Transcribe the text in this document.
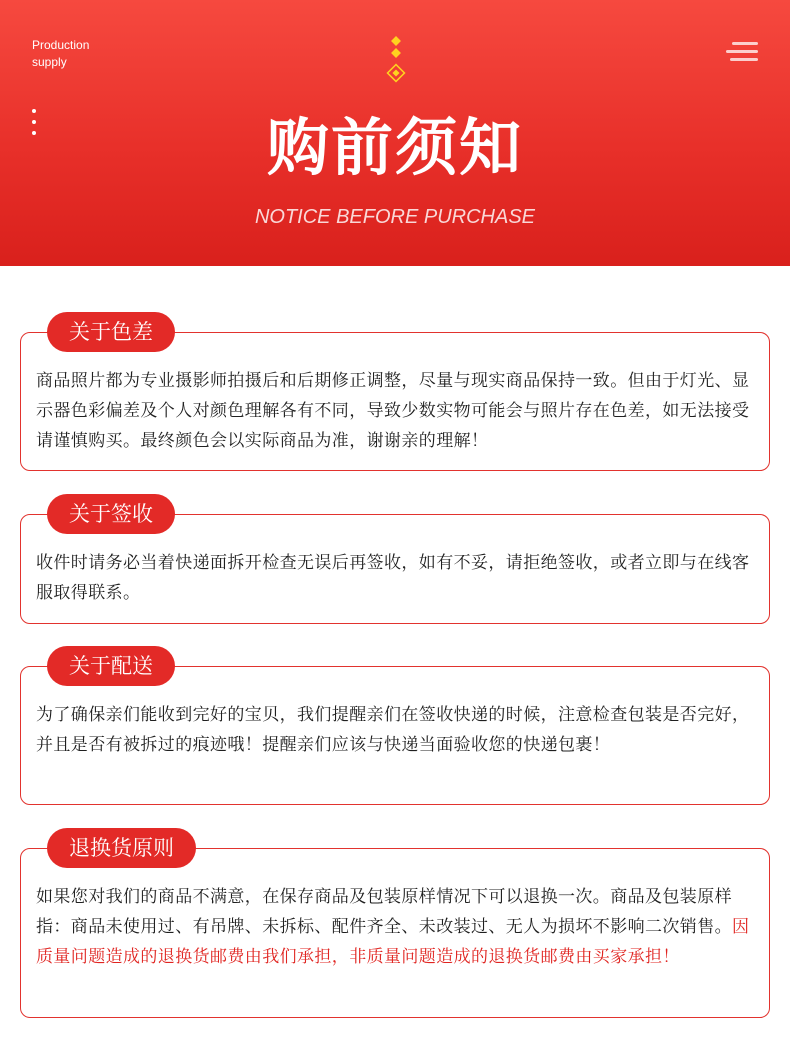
Production
supply
购前须知
NOTICE BEFORE PURCHASE
关于色差
商品照片都为专业摄影师拍摄后和后期修正调整，尽量与现实商品保持一致。但由于灯光、显示器色彩偏差及个人对颜色理解各有不同，导致少数实物可能会与照片存在色差，如无法接受请谨慎购买。最终颜色会以实际商品为准，谢谢亲的理解！
关于签收
收件时请务必当着快递面拆开检查无误后再签收，如有不妥，请拒绝签收，或者立即与在线客服取得联系。
关于配送
为了确保亲们能收到完好的宝贝，我们提醒亲们在签收快递的时候，注意检查包装是否完好，并且是否有被拆过的痕迹哦！提醒亲们应该与快递当面验收您的快递包裹！
退换货原则
如果您对我们的商品不满意，在保存商品及包装原样情况下可以退换一次。商品及包装原样指：商品未使用过、有吊牌、未拆标、配件齐全、未改装过、无人为损坏不影响二次销售。因质量问题造成的退换货邮费由我们承担，非质量问题造成的退换货邮费由买家承担！
